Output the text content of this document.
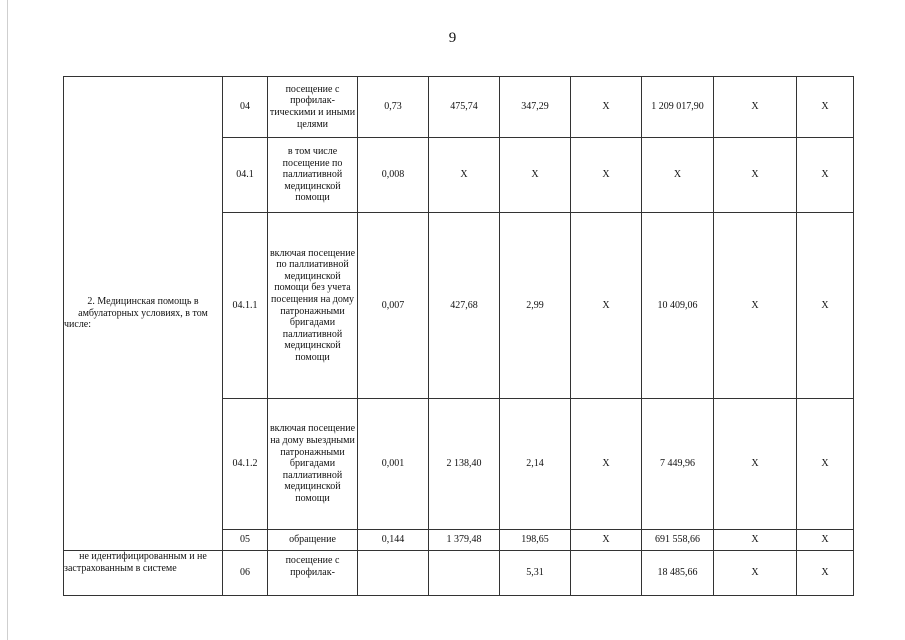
9
2. Медицинская помощь в амбулаторных условиях, в том числе:	04	посещение с профилак-тическими и иными целями	0,73	475,74	347,29	X	1 209 017,90	X	X
	04.1	в том числе посещение по паллиативной медицинской помощи	0,008	X	X	X	X	X	X
	04.1.1	включая посещение по паллиативной медицинской помощи без учета посещения на дому патронажными бригадами паллиативной медицинской помощи	0,007	427,68	2,99	X	10 409,06	X	X
	04.1.2	включая посещение на дому выездными патронажными бригадами паллиативной медицинской помощи	0,001	2 138,40	2,14	X	7 449,96	X	X
	05	обращение	0,144	1 379,48	198,65	X	691 558,66	X	X

не идентифицированным и не застрахованным в системе	06	посещение с профилак-			5,31		18 485,66	X	X
